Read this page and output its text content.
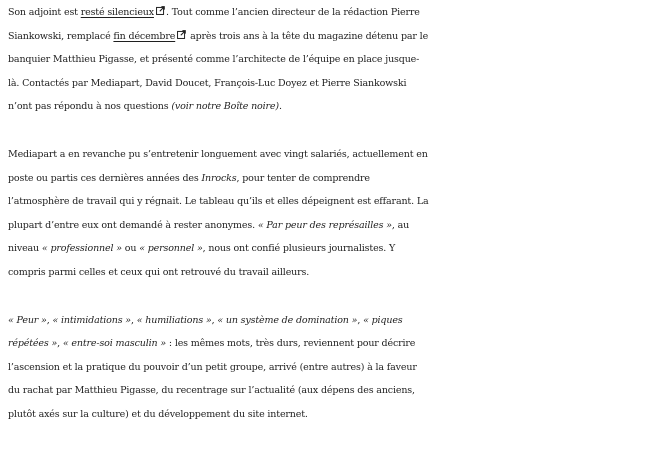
Son adjoint est resté silencieux . Tout comme l’ancien directeur de la rédaction Pierre
Siankowski, remplacé fin décembre après trois ans à la tête du magazine détenu par le
banquier Matthieu Pigasse, et présenté comme l’architecte de l’équipe en place jusque-
là. Contactés par Mediapart, David Doucet, François-Luc Doyez et Pierre Siankowski
n’ont pas répondu à nos questions (voir notre Boîte noire).

Mediapart a en revanche pu s’entretenir longuement avec vingt salariés, actuellement en
poste ou partis ces dernières années des Inrocks, pour tenter de comprendre
l’atmosphère de travail qui y régnait. Le tableau qu’ils et elles dépeignent est effarant. La
plupart d’entre eux ont demandé à rester anonymes. « Par peur des représailles », au
niveau « professionnel » ou « personnel », nous ont confié plusieurs journalistes. Y
compris parmi celles et ceux qui ont retrouvé du travail ailleurs.

« Peur », « intimidations », « humiliations », « un système de domination », « piques
répétées », « entre-soi masculin » : les mêmes mots, très durs, reviennent pour décrire
l’ascension et la pratique du pouvoir d’un petit groupe, arrivé (entre autres) à la faveur
du rachat par Matthieu Pigasse, du recentrage sur l’actualité (aux dépens des anciens,
plutôt axés sur la culture) et du développement du site internet.
